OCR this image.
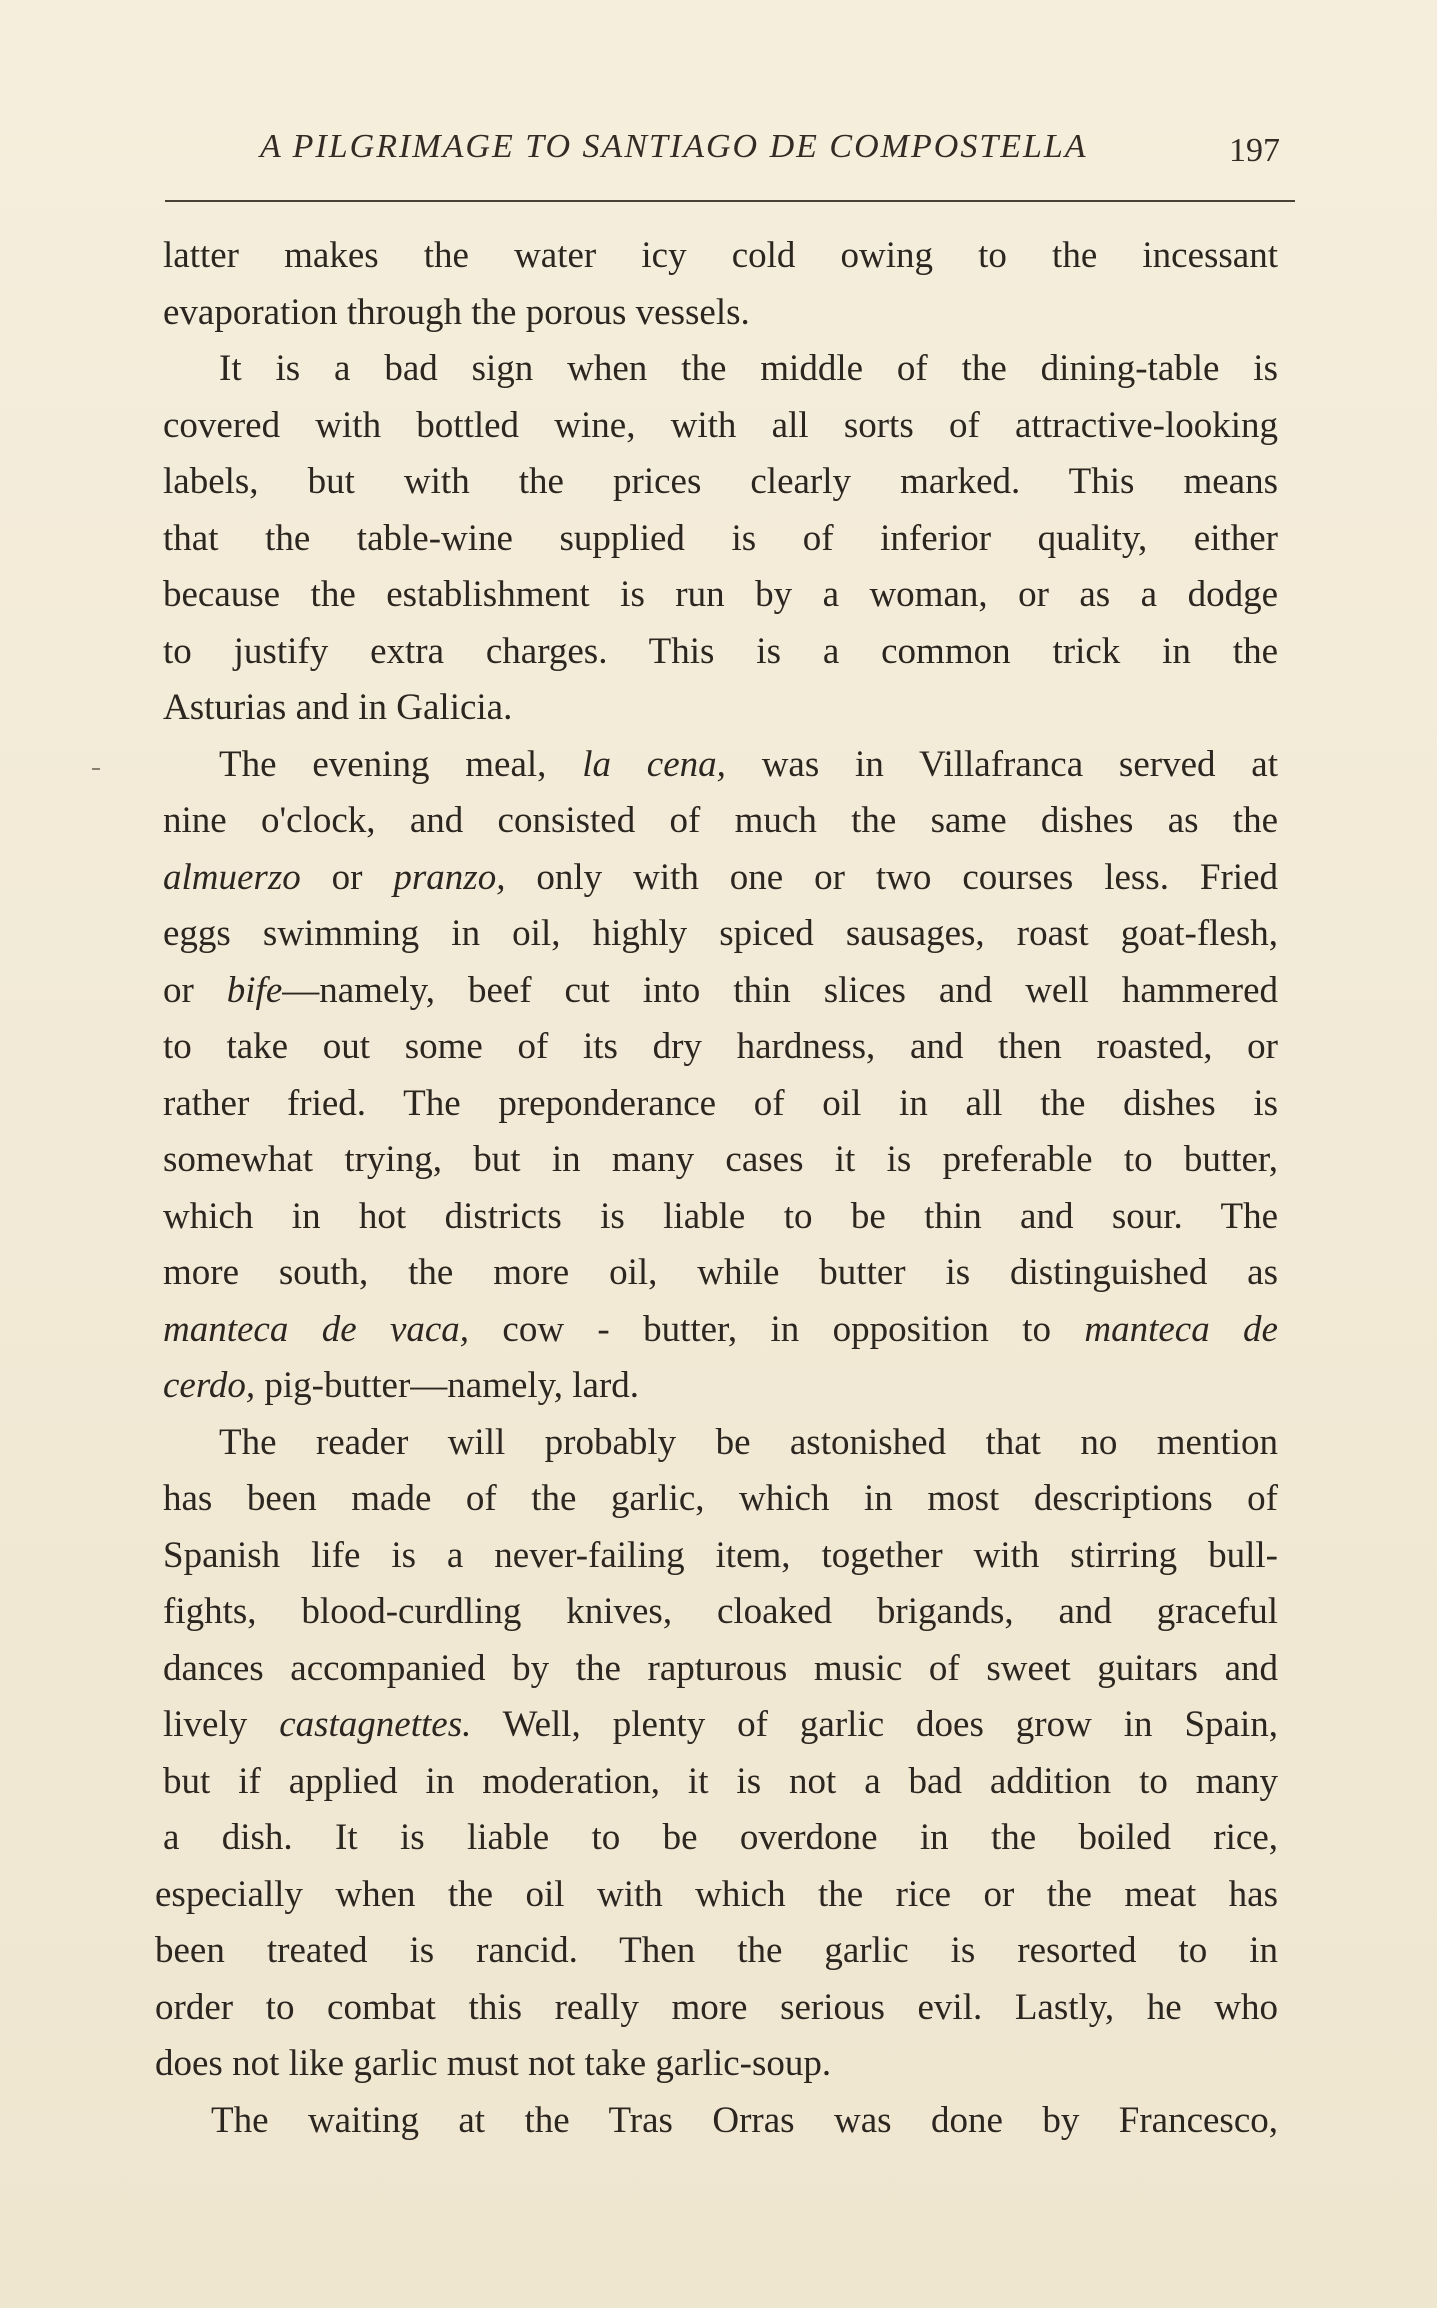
A PILGRIMAGE TO SANTIAGO DE COMPOSTELLA	197
latter makes the water icy cold owing to the incessant
evaporation through the porous vessels.
It is a bad sign when the middle of the dining-table is
covered with bottled wine, with all sorts of attractive-looking
labels, but with the prices clearly marked. This means
that the table-wine supplied is of inferior quality, either
because the establishment is run by a woman, or as a dodge
to justify extra charges. This is a common trick in the
Asturias and in Galicia.
The evening meal, la cena, was in Villafranca served at
nine o'clock, and consisted of much the same dishes as the
almuerzo or pranzo, only with one or two courses less. Fried
eggs swimming in oil, highly spiced sausages, roast goat-flesh,
or bife—namely, beef cut into thin slices and well hammered
to take out some of its dry hardness, and then roasted, or
rather fried. The preponderance of oil in all the dishes is
somewhat trying, but in many cases it is preferable to butter,
which in hot districts is liable to be thin and sour. The
more south, the more oil, while butter is distinguished as
manteca de vaca, cow - butter, in opposition to manteca de
cerdo, pig-butter—namely, lard.
The reader will probably be astonished that no mention
has been made of the garlic, which in most descriptions of
Spanish life is a never-failing item, together with stirring bull-
fights, blood-curdling knives, cloaked brigands, and graceful
dances accompanied by the rapturous music of sweet guitars and
lively castagnettes. Well, plenty of garlic does grow in Spain,
but if applied in moderation, it is not a bad addition to many
a dish. It is liable to be overdone in the boiled rice,
especially when the oil with which the rice or the meat has
been treated is rancid. Then the garlic is resorted to in
order to combat this really more serious evil. Lastly, he who
does not like garlic must not take garlic-soup.
The waiting at the Tras Orras was done by Francesco,
